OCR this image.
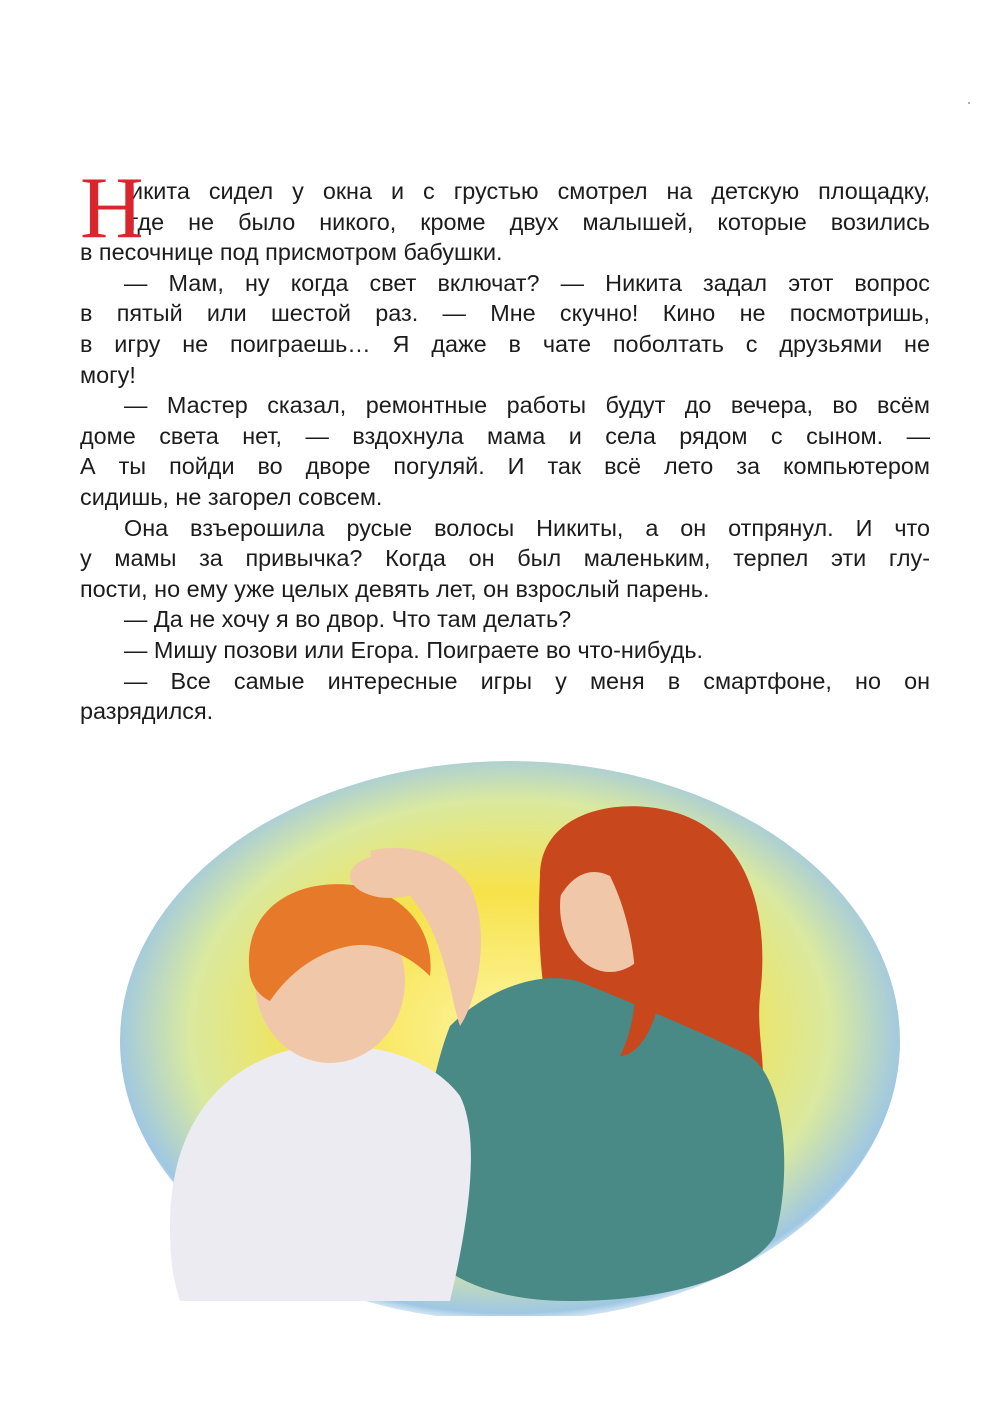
Н
икита сидел у окна и с грустью смотрел на детскую площадку,
где не было никого, кроме двух малышей, которые возились
в песочнице под присмотром бабушки.
— Мам, ну когда свет включат? — Никита задал этот вопрос
в пятый или шестой раз. — Мне скучно! Кино не посмотришь,
в игру не поиграешь… Я даже в чате поболтать с друзьями не
могу!
— Мастер сказал, ремонтные работы будут до вечера, во всём
доме света нет, — вздохнула мама и села рядом с сыном. —
А ты пойди во дворе погуляй. И так всё лето за компьютером
сидишь, не загорел совсем.
Она взъерошила русые волосы Никиты, а он отпрянул. И что
у мамы за привычка? Когда он был маленьким, терпел эти глу-
пости, но ему уже целых девять лет, он взрослый парень.
— Да не хочу я во двор. Что там делать?
— Мишу позови или Егора. Поиграете во что-нибудь.
— Все самые интересные игры у меня в смартфоне, но он
разрядился.
